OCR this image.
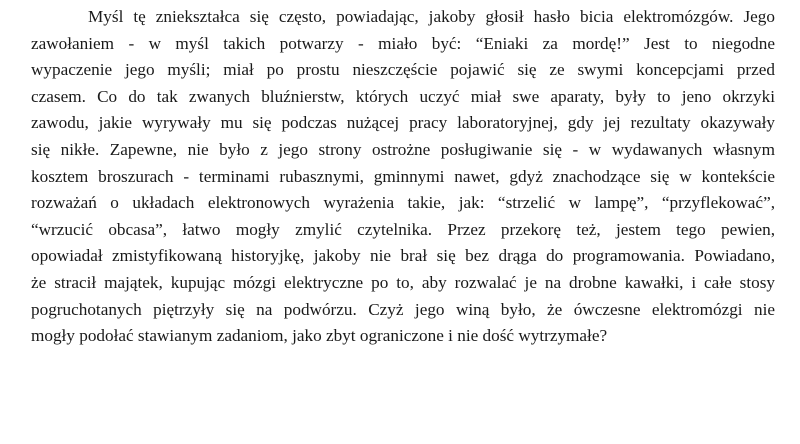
Myśl tę zniekształca się często, powiadając, jakoby głosił hasło bicia elektromózgów. Jego
zawołaniem - w myśl takich potwarzy - miało być: “Eniaki za mordę!” Jest to niegodne
wypaczenie jego myśli; miał po prostu nieszczęście pojawić się ze swymi koncepcjami przed
czasem. Co do tak zwanych bluźnierstw, których uczyć miał swe aparaty, były to jeno okrzyki
zawodu, jakie wyrywały mu się podczas nużącej pracy laboratoryjnej, gdy jej rezultaty okazywały
się nikłe. Zapewne, nie było z jego strony ostrożne posługiwanie się - w wydawanych własnym
kosztem broszurach - terminami rubasznymi, gminnymi nawet, gdyż znachodzące się w kontekście
rozważań o układach elektronowych wyrażenia takie, jak: “strzelić w lampę”, “przyflekować”,
“wrzucić obcasa”, łatwo mogły zmylić czytelnika. Przez przekorę też, jestem tego pewien,
opowiadał zmistyfikowaną historyjkę, jakoby nie brał się bez drąga do programowania. Powiadano,
że stracił majątek, kupując mózgi elektryczne po to, aby rozwalać je na drobne kawałki, i całe stosy
pogruchotanych piętrzyły się na podwórzu. Czyż jego winą było, że ówczesne elektromózgi nie
mogły podołać stawianym zadaniom, jako zbyt ograniczone i nie dość wytrzymałe?
